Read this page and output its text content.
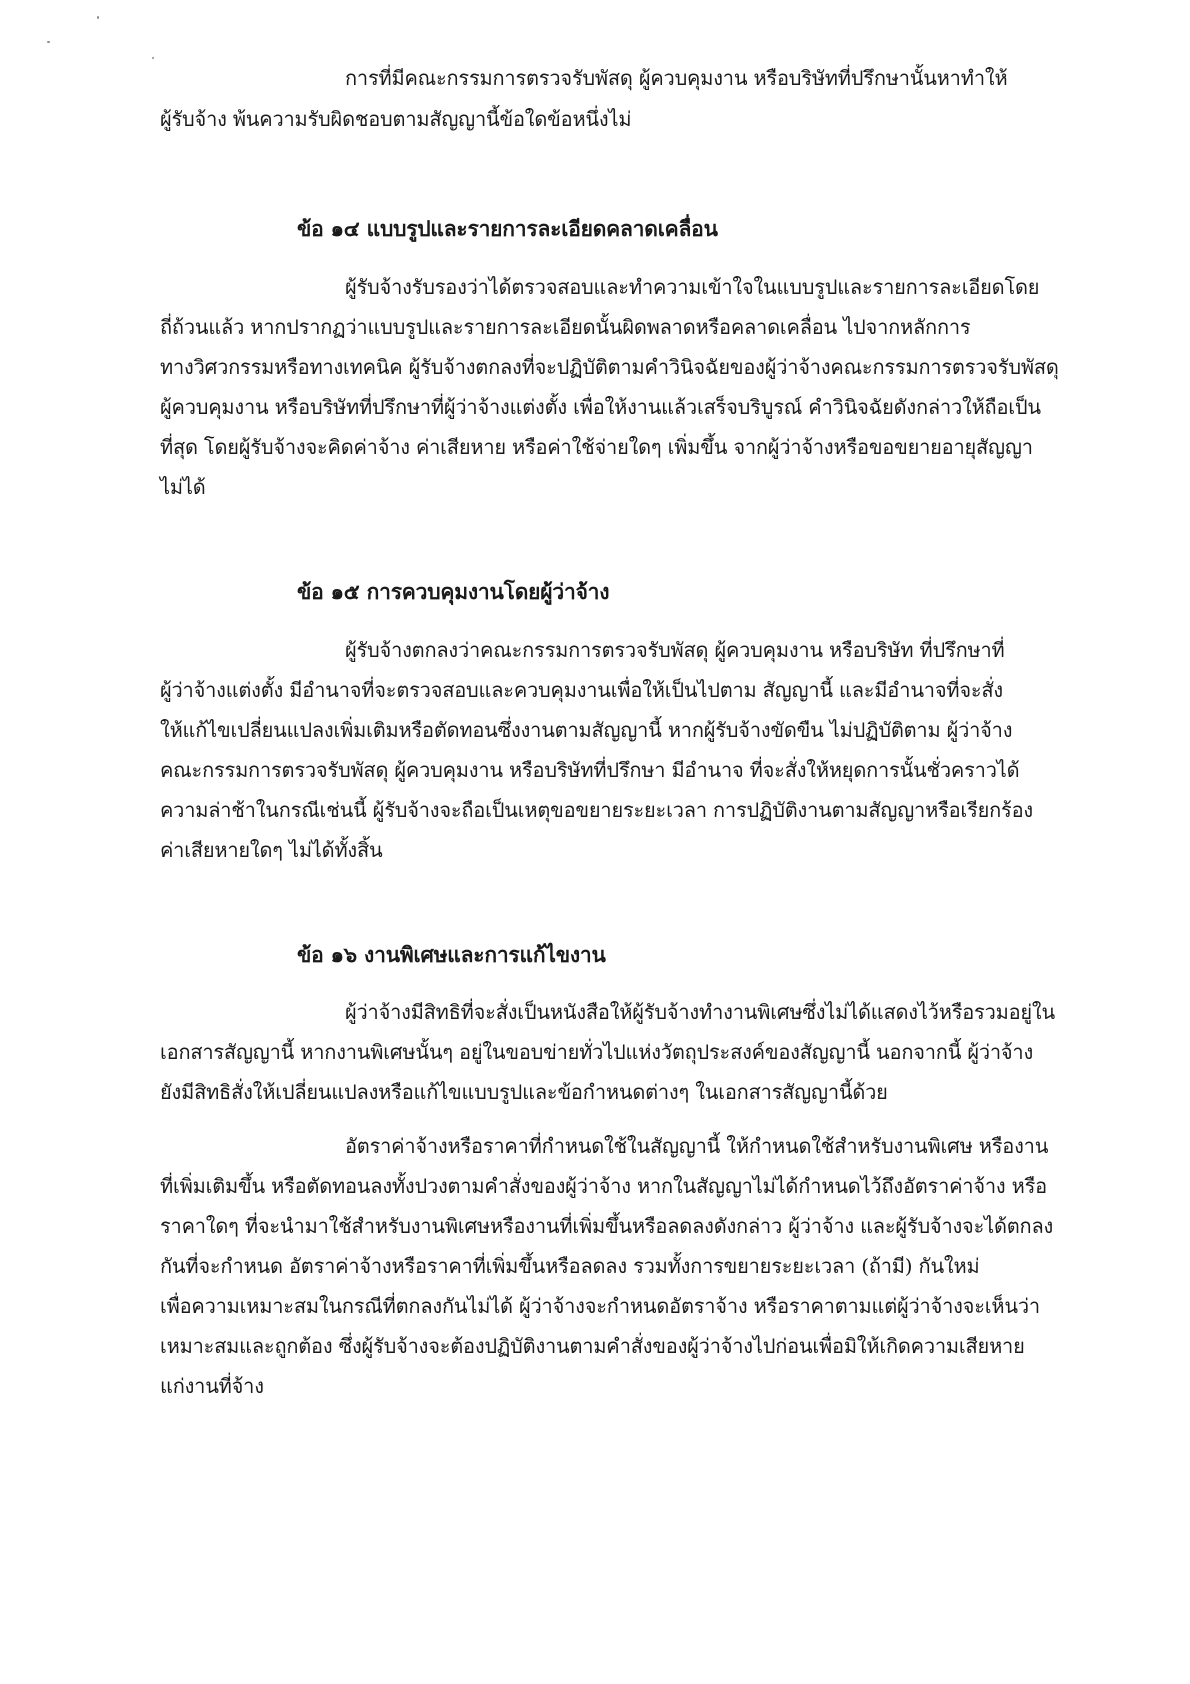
การที่มีคณะกรรมการตรวจรับพัสดุ ผู้ควบคุมงาน หรือบริษัทที่ปรึกษานั้นหาทำให้
ผู้รับจ้าง พ้นความรับผิดชอบตามสัญญานี้ข้อใดข้อหนึ่งไม่
ข้อ ๑๔ แบบรูปและรายการละเอียดคลาดเคลื่อน
ผู้รับจ้างรับรองว่าได้ตรวจสอบและทำความเข้าใจในแบบรูปและรายการละเอียดโดย
ถี่ถ้วนแล้ว หากปรากฏว่าแบบรูปและรายการละเอียดนั้นผิดพลาดหรือคลาดเคลื่อน ไปจากหลักการ
ทางวิศวกรรมหรือทางเทคนิค ผู้รับจ้างตกลงที่จะปฏิบัติตามคำวินิจฉัยของผู้ว่าจ้างคณะกรรมการตรวจรับพัสดุ
ผู้ควบคุมงาน หรือบริษัทที่ปรึกษาที่ผู้ว่าจ้างแต่งตั้ง เพื่อให้งานแล้วเสร็จบริบูรณ์ คำวินิจฉัยดังกล่าวให้ถือเป็น
ที่สุด โดยผู้รับจ้างจะคิดค่าจ้าง ค่าเสียหาย หรือค่าใช้จ่ายใดๆ เพิ่มขึ้น จากผู้ว่าจ้างหรือขอขยายอายุสัญญา
ไม่ได้
ข้อ ๑๕ การควบคุมงานโดยผู้ว่าจ้าง
ผู้รับจ้างตกลงว่าคณะกรรมการตรวจรับพัสดุ ผู้ควบคุมงาน หรือบริษัท ที่ปรึกษาที่
ผู้ว่าจ้างแต่งตั้ง มีอำนาจที่จะตรวจสอบและควบคุมงานเพื่อให้เป็นไปตาม สัญญานี้ และมีอำนาจที่จะสั่ง
ให้แก้ไขเปลี่ยนแปลงเพิ่มเติมหรือตัดทอนซึ่งงานตามสัญญานี้ หากผู้รับจ้างขัดขืน ไม่ปฏิบัติตาม ผู้ว่าจ้าง
คณะกรรมการตรวจรับพัสดุ ผู้ควบคุมงาน หรือบริษัทที่ปรึกษา มีอำนาจ ที่จะสั่งให้หยุดการนั้นชั่วคราวได้
ความล่าช้าในกรณีเช่นนี้ ผู้รับจ้างจะถือเป็นเหตุขอขยายระยะเวลา การปฏิบัติงานตามสัญญาหรือเรียกร้อง
ค่าเสียหายใดๆ ไม่ได้ทั้งสิ้น
ข้อ ๑๖ งานพิเศษและการแก้ไขงาน
ผู้ว่าจ้างมีสิทธิที่จะสั่งเป็นหนังสือให้ผู้รับจ้างทำงานพิเศษซึ่งไม่ได้แสดงไว้หรือรวมอยู่ใน
เอกสารสัญญานี้ หากงานพิเศษนั้นๆ อยู่ในขอบข่ายทั่วไปแห่งวัตถุประสงค์ของสัญญานี้ นอกจากนี้ ผู้ว่าจ้าง
ยังมีสิทธิสั่งให้เปลี่ยนแปลงหรือแก้ไขแบบรูปและข้อกำหนดต่างๆ ในเอกสารสัญญานี้ด้วย
อัตราค่าจ้างหรือราคาที่กำหนดใช้ในสัญญานี้ ให้กำหนดใช้สำหรับงานพิเศษ หรืองาน
ที่เพิ่มเติมขึ้น หรือตัดทอนลงทั้งปวงตามคำสั่งของผู้ว่าจ้าง หากในสัญญาไม่ได้กำหนดไว้ถึงอัตราค่าจ้าง หรือ
ราคาใดๆ ที่จะนำมาใช้สำหรับงานพิเศษหรืองานที่เพิ่มขึ้นหรือลดลงดังกล่าว ผู้ว่าจ้าง และผู้รับจ้างจะได้ตกลง
กันที่จะกำหนด อัตราค่าจ้างหรือราคาที่เพิ่มขึ้นหรือลดลง รวมทั้งการขยายระยะเวลา (ถ้ามี) กันใหม่
เพื่อความเหมาะสมในกรณีที่ตกลงกันไม่ได้ ผู้ว่าจ้างจะกำหนดอัตราจ้าง หรือราคาตามแต่ผู้ว่าจ้างจะเห็นว่า
เหมาะสมและถูกต้อง ซึ่งผู้รับจ้างจะต้องปฏิบัติงานตามคำสั่งของผู้ว่าจ้างไปก่อนเพื่อมิให้เกิดความเสียหาย
แก่งานที่จ้าง
